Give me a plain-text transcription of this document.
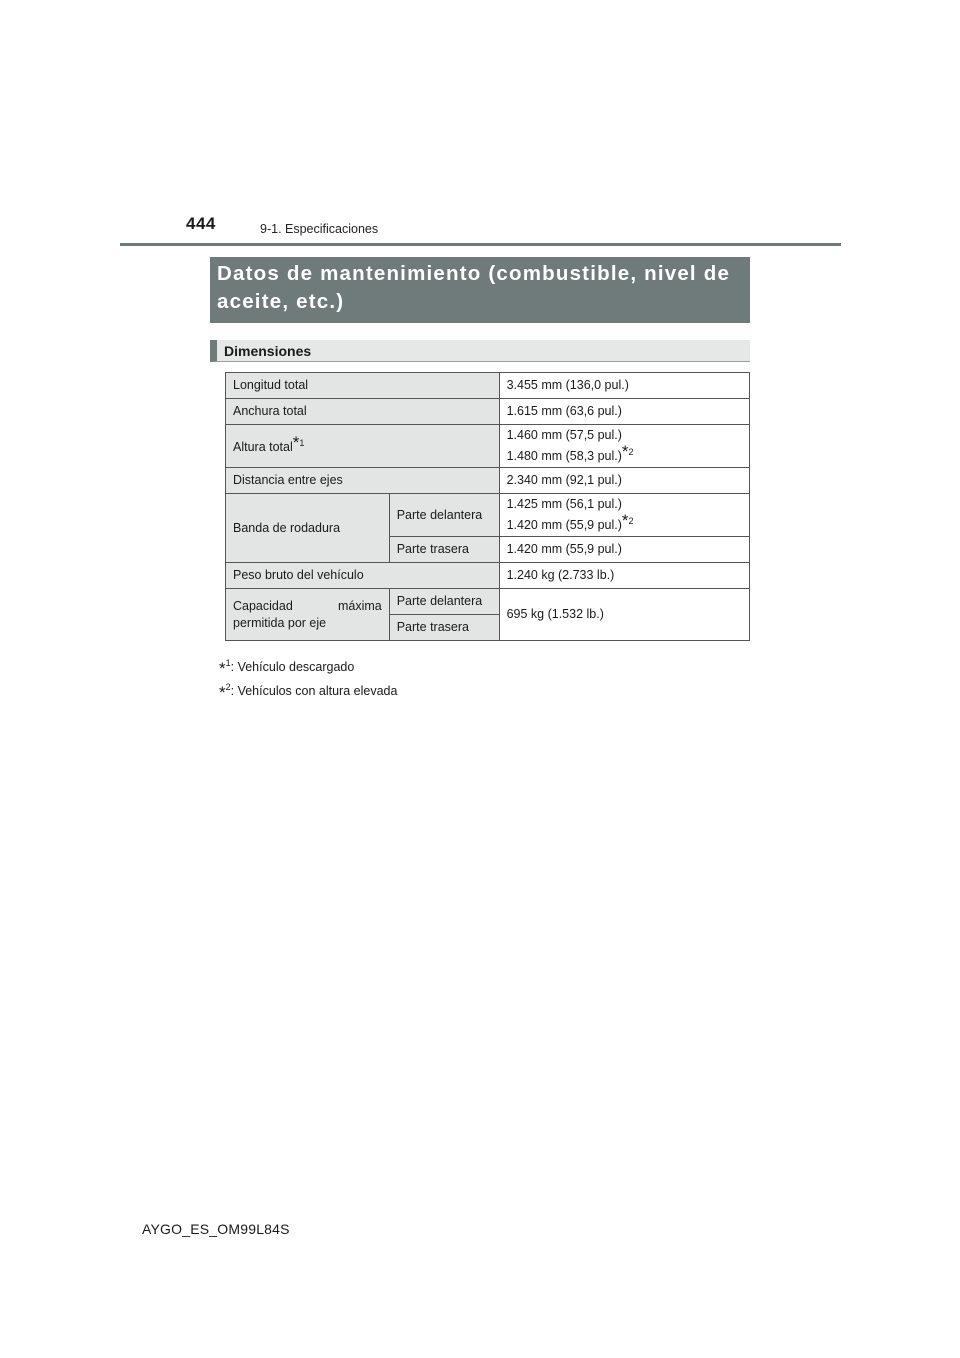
444	9-1. Especificaciones

Datos de mantenimiento (combustible, nivel de aceite, etc.)

Dimensiones
Longitud total		3.455 mm (136,0 pul.)
Anchura total		1.615 mm (63,6 pul.)
Altura total$^{*1}$		1.460 mm (57,5 pul.)
1.480 mm (58,3 pul.)$^{*2}$

Distancia entre ejes		2.340 mm (92,1 pul.)
Banda de rodadura	Parte delantera	1.425 mm (56,1 pul.)
1.420 mm (55,9 pul.)$^{*2}$

	Parte trasera	1.420 mm (55,9 pul.)
Peso bruto del vehículo		1.240 kg (2.733 lb.)

Capacidad máxima
permitida por eje	Parte delantera	695 kg (1.532 lb.)
	Parte trasera	
*$^1$: Vehículo descargado
*$^2$: Vehículos con altura elevada
AYGO_ES_OM99L84S
